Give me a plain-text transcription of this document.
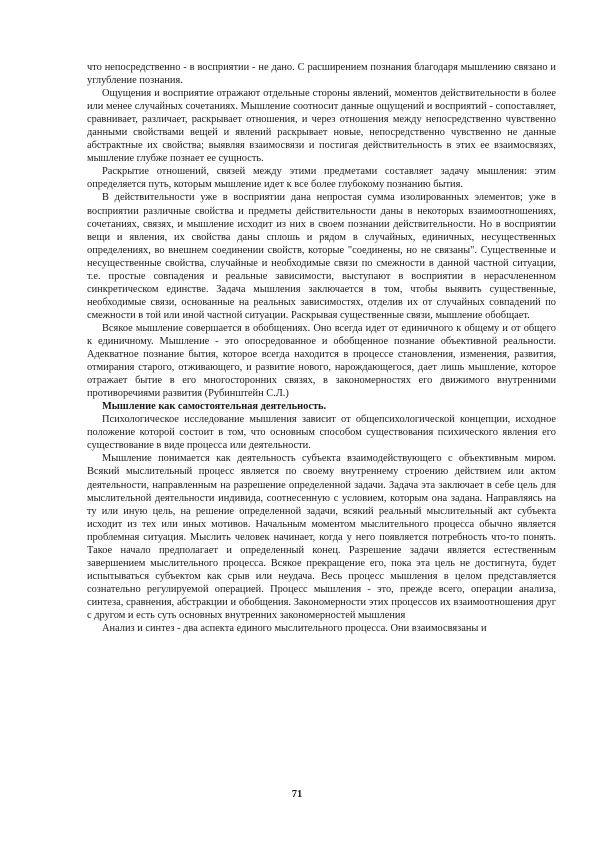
что непосредственно - в восприятии - не дано. С расширением познания благодаря мышлению связано и углубление познания.

Ощущения и восприятие отражают отдельные стороны явлений, моментов действительности в более или менее случайных сочетаниях. Мышление соотносит данные ощущений и восприятий - сопоставляет, сравнивает, различает, раскрывает отношения, и через отношения между непосредственно чувственно данными свойствами вещей и явлений раскрывает новые, непосредственно чувственно не данные абстрактные их свойства; выявляя взаимосвязи и постигая действительность в этих ее взаимосвязях, мышление глубже познает ее сущность.

Раскрытие отношений, связей между этими предметами составляет задачу мышления: этим определяется путь, которым мышление идет к все более глубокому познанию бытия.

В действительности уже в восприятии дана непростая сумма изолированных элементов; уже в восприятии различные свойства и предметы действительности даны в некоторых взаимоотношениях, сочетаниях, связях, и мышление исходит из них в своем познании действительности. Но в восприятии вещи и явления, их свойства даны сплошь и рядом в случайных, единичных, несущественных определениях, во внешнем соединении свойств, которые "соединены, но не связаны". Существенные и несущественные свойства, случайные и необходимые связи по смежности в данной частной ситуации, т.е. простые совпадения и реальные зависимости, выступают в восприятии в нерасчлененном синкретическом единстве. Задача мышления заключается в том, чтобы выявить существенные, необходимые связи, основанные на реальных зависимостях, отделив их от случайных совпадений по смежности в той или иной частной ситуации. Раскрывая существенные связи, мышление обобщает.

Всякое мышление совершается в обобщениях. Оно всегда идет от единичного к общему и от общего к единичному. Мышление - это опосредованное и обобщенное познание объективной реальности. Адекватное познание бытия, которое всегда находится в процессе становления, изменения, развития, отмирания старого, отживающего, и развитие нового, нарождающегося, дает лишь мышление, которое отражает бытие в его многосторонних связях, в закономерностях его движимого внутренними противоречиями развития (Рубинштейн С.Л.)

Мышление как самостоятельная деятельность.

Психологическое исследование мышления зависит от общепсихологической концепции, исходное положение которой состоит в том, что основным способом существования психического явления его существование в виде процесса или деятельности.

Мышление понимается как деятельность субъекта взаимодействующего с объективным миром. Всякий мыслительный процесс является по своему внутреннему строению действием или актом деятельности, направленным на разрешение определенной задачи. Задача эта заключает в себе цель для мыслительной деятельности индивида, соотнесенную с условием, которым она задана. Направляясь на ту или иную цель, на решение определенной задачи, всякий реальный мыслительный акт субъекта исходит из тех или иных мотивов. Начальным моментом мыслительного процесса обычно является проблемная ситуация. Мыслить человек начинает, когда у него появляется потребность что-то понять. Такое начало предполагает и определенный конец. Разрешение задачи является естественным завершением мыслительного процесса. Всякое прекращение его, пока эта цель не достигнута, будет испытываться субъектом как срыв или неудача. Весь процесс мышления в целом представляется сознательно регулируемой операцией. Процесс мышления - это, прежде всего, операции анализа, синтеза, сравнения, абстракции и обобщения. Закономерности этих процессов их взаимоотношения друг с другом и есть суть основных внутренних закономерностей мышления

Анализ и синтез - два аспекта единого мыслительного процесса. Они взаимосвязаны и

71
